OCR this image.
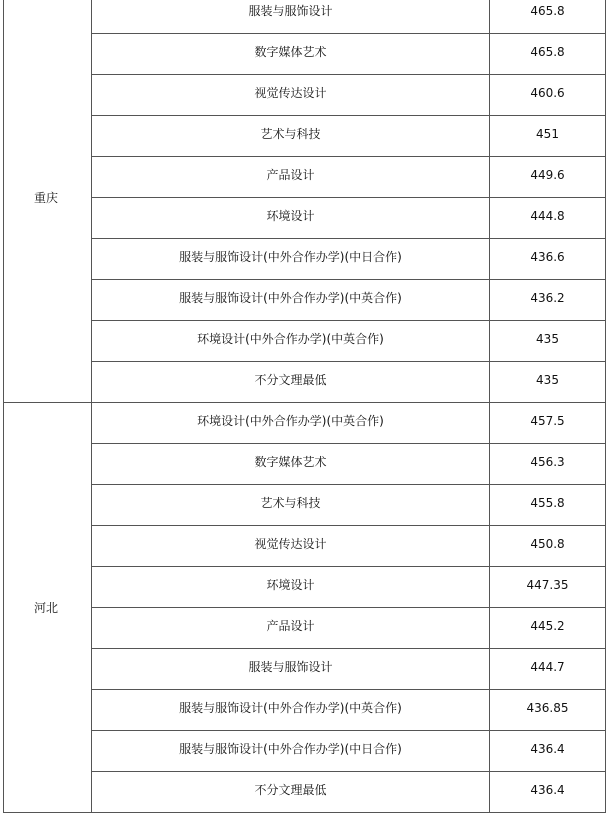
重庆	服装与服饰设计	465.8

	数字媒体艺术	465.8

	视觉传达设计	460.6

	艺术与科技	451

	产品设计	449.6

	环境设计	444.8

	服装与服饰设计(中外合作办学)(中日合作)	436.6

	服装与服饰设计(中外合作办学)(中英合作)	436.2

	环境设计(中外合作办学)(中英合作)	435

	不分文理最低	435

河北	环境设计(中外合作办学)(中英合作)	457.5

	数字媒体艺术	456.3

	艺术与科技	455.8

	视觉传达设计	450.8

	环境设计	447.35

	产品设计	445.2

	服装与服饰设计	444.7

	服装与服饰设计(中外合作办学)(中英合作)	436.85

	服装与服饰设计(中外合作办学)(中日合作)	436.4

	不分文理最低	436.4
